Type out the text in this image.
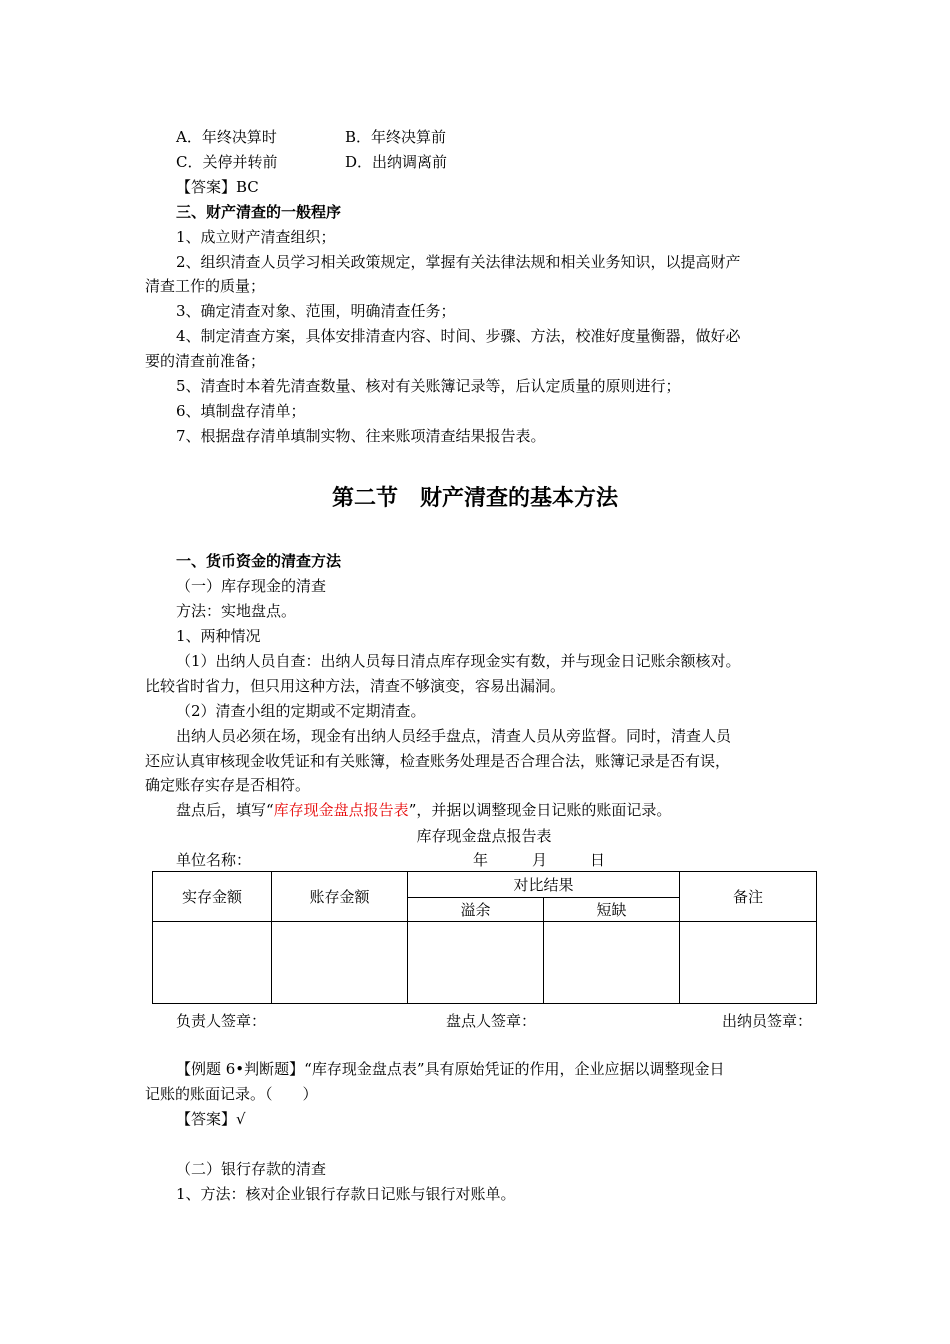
A．年终决算时	B．年终决算前
C．关停并转前	D．出纳调离前
【答案】BC
三、财产清查的一般程序
1、成立财产清查组织；
2、组织清查人员学习相关政策规定，掌握有关法律法规和相关业务知识，以提高财产
清查工作的质量；
3、确定清查对象、范围，明确清查任务；
4、制定清查方案，具体安排清查内容、时间、步骤、方法，校准好度量衡器，做好必
要的清查前准备；
5、清查时本着先清查数量、核对有关账簿记录等，后认定质量的原则进行；
6、填制盘存清单；
7、根据盘存清单填制实物、往来账项清查结果报告表。
第二节　财产清查的基本方法
一、货币资金的清查方法
（一）库存现金的清查
方法：实地盘点。
1、两种情况
（1）出纳人员自查：出纳人员每日清点库存现金实有数，并与现金日记账余额核对。
比较省时省力，但只用这种方法，清查不够演变，容易出漏洞。
（2）清查小组的定期或不定期清查。
出纳人员必须在场，现金有出纳人员经手盘点，清查人员从旁监督。同时，清查人员
还应认真审核现金收凭证和有关账簿，检查账务处理是否合理合法，账簿记录是否有误，
确定账存实存是否相符。
盘点后，填写“库存现金盘点报告表”，并据以调整现金日记账的账面记录。
库存现金盘点报告表
单位名称：	年	月	日
实存金额	账存金额	对比结果		备注
		溢余	短缺	

负责人签章：	盘点人签章：	出纳员签章：
【例题 6•判断题】“库存现金盘点表”具有原始凭证的作用，企业应据以调整现金日
记账的账面记录。（　　）
【答案】√
（二）银行存款的清查
1、方法：核对企业银行存款日记账与银行对账单。
